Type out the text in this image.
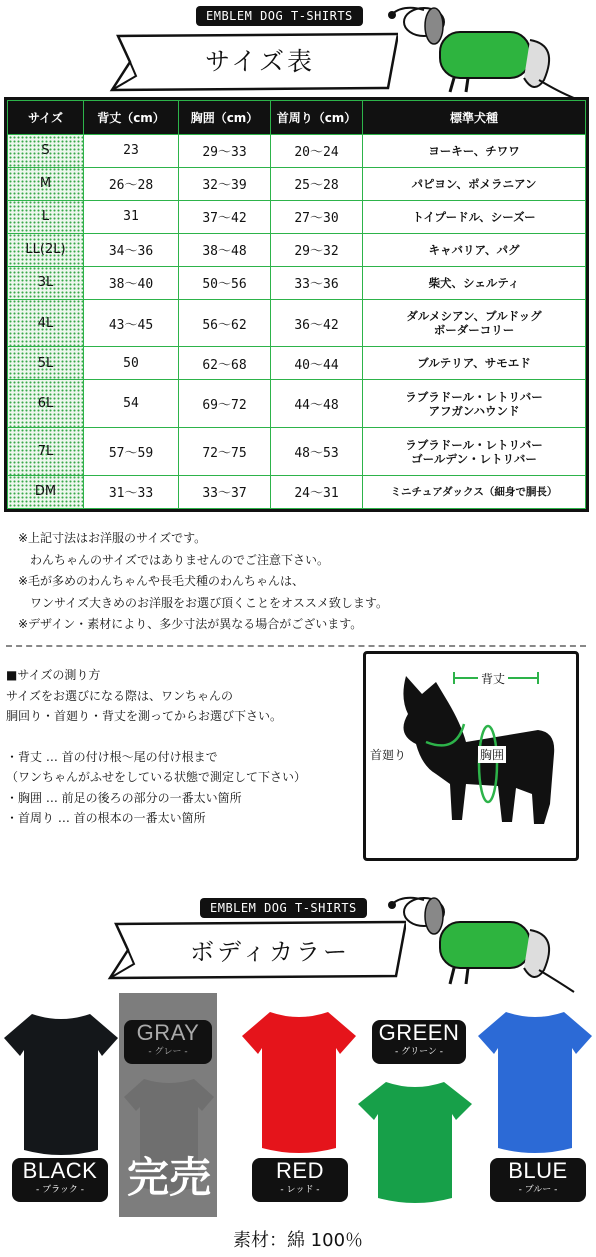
EMBLEM DOG T-SHIRTS
サイズ表
サイズ	背丈（cm）	胸囲（cm）	首周り（cm）	標準犬種
S	23	29～33	20～24	ヨーキー、チワワ
M	26～28	32～39	25～28	パピヨン、ポメラニアン
L	31	37～42	27～30	トイプードル、シーズー
LL(2L)	34～36	38～48	29～32	キャバリア、パグ
3L	38～40	50～56	33～36	柴犬、シェルティ
4L	43～45	56～62	36～42	ダルメシアン、ブルドッグ
ボーダーコリー
5L	50	62～68	40～44	ブルテリア、サモエド
6L	54	69～72	44～48	ラブラドール・レトリバー
アフガンハウンド
7L	57～59	72～75	48～53	ラブラドール・レトリバー
ゴールデン・レトリバー
DM	31～33	33～37	24～31	ミニチュアダックス（細身で胴長）
※上記寸法はお洋服のサイズです。
　わんちゃんのサイズではありませんのでご注意下さい。
※毛が多めのわんちゃんや長毛犬種のわんちゃんは、
　ワンサイズ大きめのお洋服をお選び頂くことをオススメ致します。
※デザイン・素材により、多少寸法が異なる場合がございます。
■サイズの測り方
サイズをお選びになる際は、ワンちゃんの
胴回り・首廻り・背丈を測ってからお選び下さい。
・背丈 … 首の付け根～尾の付け根まで
（ワンちゃんがふせをしている状態で測定して下さい）
・胸囲 … 前足の後ろの部分の一番太い箇所
・首周り … 首の根本の一番太い箇所
背丈
首廻り	胸囲
EMBLEM DOG T-SHIRTS
ボディカラー
BLACK
- ブラック -
GRAY
- グレー -
完売	RED
- レッド -
GREEN
- グリーン -
BLUE
- ブルー -
素材：綿 100％
